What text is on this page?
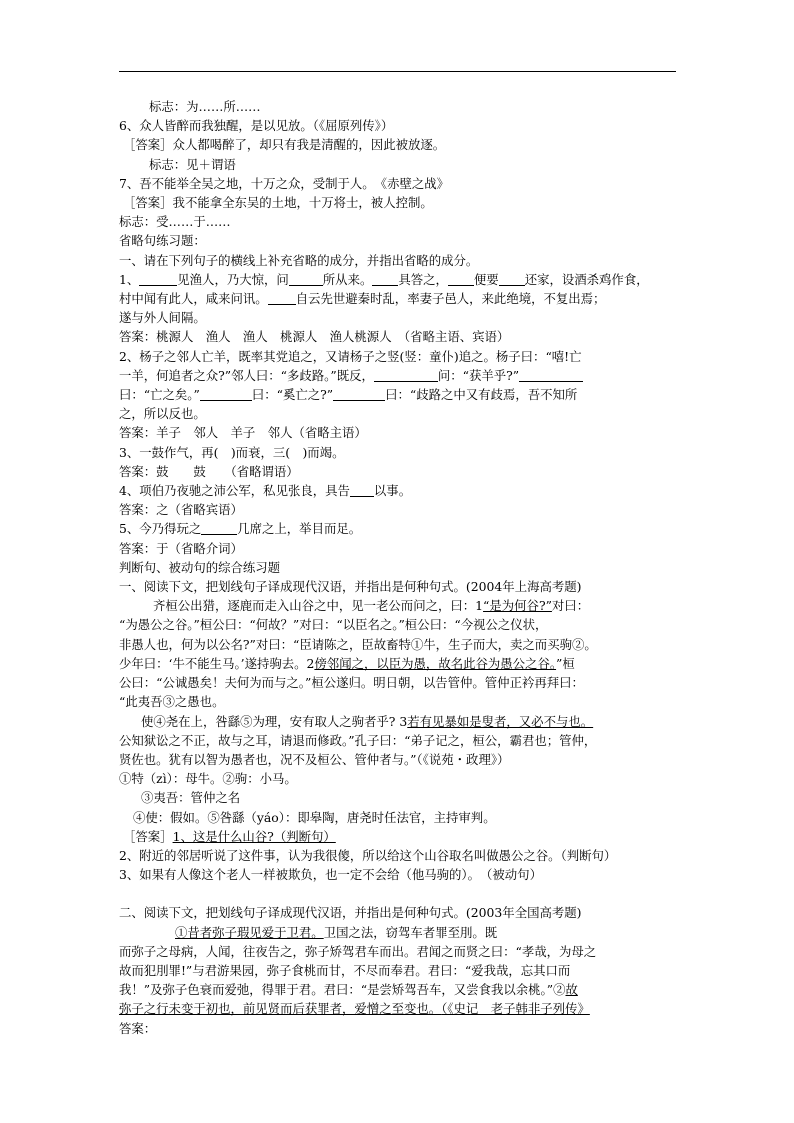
标志：为……所……

6、众人皆醉而我独醒，是以见放。（《屈原列传》）

［答案］众人都喝醉了，却只有我是清醒的，因此被放逐。

标志：见＋谓语

7、吾不能举全吴之地，十万之众，受制于人。　《赤壁之战》

［答案］我不能拿全东吴的土地，十万将士，被人控制。

标志：受……于……

省略句练习题：

一、请在下列句子的横线上补充省略的成分，并指出省略的成分。

1、	见渔人，乃大惊，问	所从来。 具答之， 便要 还家，设酒杀鸡作食，

村中闻有此人，咸来问讯。 自云先世避秦时乱，率妻子邑人，来此绝境，不复出焉；

遂与外人间隔。

答案：桃源人　渔人　渔人　桃源人　渔人桃源人　（省略主语、宾语）

2、杨子之邻人亡羊，既率其党追之，又请杨子之竖(竖：童仆)追之。杨子曰：“嘻!亡

一羊，何追者之众?”邻人曰：“多歧路。”既反，	问：“获羊乎?”

曰：“亡之矣。”	曰：“奚亡之?”	曰：“歧路之中又有歧焉，吾不知所

之，所以反也。

答案：羊子　邻人　羊子　邻人（省略主语）

3、一鼓作气，再(　)而衰，三(　)而竭。

答案：鼓　　鼓　　（省略谓语）

4、项伯乃夜驰之沛公军，私见张良，具告 以事。

答案：之（省略宾语）

5、今乃得玩之	几席之上，举目而足。

答案：于（省略介词）

判断句、被动句的综合练习题

一、阅读下文，把划线句子译成现代汉语，并指出是何种句式。(2004年上海高考题)

齐桓公出猎，逐鹿而走入山谷之中，见一老公而问之，曰：1“是为何谷?”对曰：

“为愚公之谷。”桓公曰：“何故？”对曰：“以臣名之。”桓公曰：“今视公之仪状，

非愚人也，何为以公名?”对曰：“臣请陈之，臣故畜特①牛，生子而大，卖之而买驹②。

少年曰：‘牛不能生马。’遂持驹去。2傍邻闻之，以臣为愚，故名此谷为愚公之谷。”桓

公曰：“公诚愚矣！夫何为而与之。”桓公遂归。明日朝，以告管仲。管仲正衿再拜曰：

“此夷吾③之愚也。

使④尧在上，咎繇⑤为理，安有取人之驹者乎? 3若有见暴如是叟者，又必不与也。

公知狱讼之不正，故与之耳，请退而修政。”孔子曰：“弟子记之，桓公，霸君也；管仲，

贤佐也。犹有以智为愚者也，况不及桓公、管仲者与。”（《说苑・政理》）

①特（zì）：母牛。②驹：小马。

③夷吾：管仲之名

④使：假如。⑤咎繇（yáo）：即皋陶，唐尧时任法官，主持审判。

［答案］1、这是什么山谷?（判断句）

2、附近的邻居听说了这件事，认为我很傻，所以给这个山谷取名叫做愚公之谷。（判断句）

3、如果有人像这个老人一样被欺负，也一定不会给（他马驹的）。　（被动句）

二、阅读下文，把划线句子译成现代汉语，并指出是何种句式。(2003年全国高考题)

①昔者弥子瑕见爱于卫君。卫国之法，窃驾车者罪至刖。既

而弥子之母病，人闻，往夜告之，弥子矫驾君车而出。君闻之而贤之曰：“孝哉，为母之

故而犯刖罪!”与君游果园，弥子食桃而甘，不尽而奉君。君曰：“爱我哉，忘其口而

我！”及弥子色衰而爱弛，得罪于君。君曰：“是尝矫驾吾车，又尝食我以余桃。”②故

弥子之行未变于初也，前见贤而后获罪者，爱憎之至变也。（《史记　老子韩非子列传》

答案：
